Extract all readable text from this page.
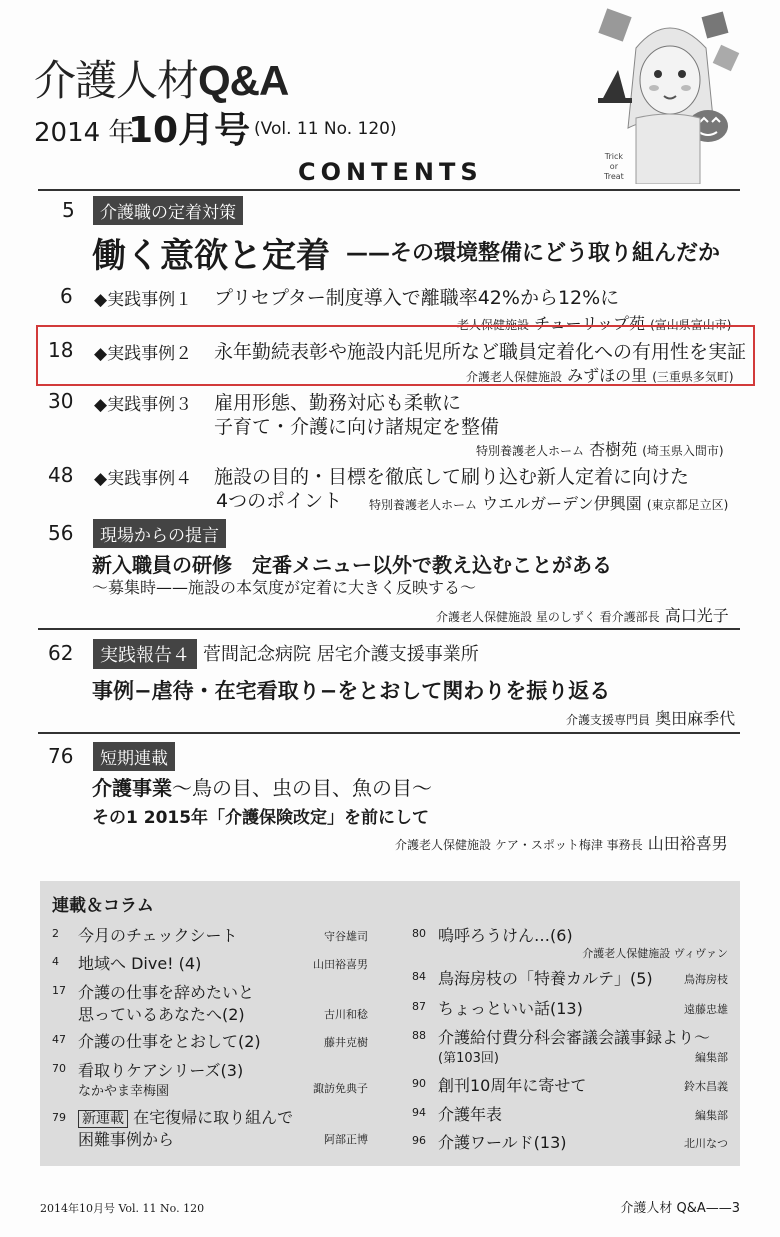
介護人材Q&A
2014 年
10月号 (Vol. 11 No. 120)
CONTENTS
Trick
or
Treat
5	介護職の定着対策
働く意欲と定着 ——その環境整備にどう取り組んだか
6 ◆実践事例１ プリセプター制度導入で離職率42%から12%に
老人保健施設 チューリップ苑 (富山県富山市)
18 ◆実践事例２ 永年勤続表彰や施設内託児所など職員定着化への有用性を実証
介護老人保健施設 みずほの里 (三重県多気町)
30 ◆実践事例３ 雇用形態、勤務対応も柔軟に
子育て・介護に向け諸規定を整備
特別養護老人ホーム 杏樹苑 (埼玉県入間市)
48 ◆実践事例４ 施設の目的・目標を徹底して刷り込む新人定着に向けた
4つのポイント 特別養護老人ホーム ウエルガーデン伊興園 (東京都足立区)
56	現場からの提言
新入職員の研修　定番メニュー以外で教え込むことがある
～募集時——施設の本気度が定着に大きく反映する～
介護老人保健施設 星のしずく 看介護部長 高口光子
62	実践報告４ 菅間記念病院 居宅介護支援事業所
事例−虐待・在宅看取り−をとおして関わりを振り返る
介護支援専門員 奥田麻季代
76	短期連載
介護事業～鳥の目、虫の目、魚の目～
その1 2015年「介護保険改定」を前にして
介護老人保健施設 ケア・スポット梅津 事務長 山田裕喜男
連載＆コラム
2 今月のチェックシート	守谷雄司
4 地域へ Dive! (4)	山田裕喜男
17 介護の仕事を辞めたいと
思っているあなたへ(2)	古川和稔
47 介護の仕事をとおして(2)	藤井克樹
70 看取りケアシリーズ(3)
なかやま幸梅園	諏訪免典子
79 新連載 在宅復帰に取り組んで
困難事例から	阿部正博
80 嗚呼ろうけん…(6)
介護老人保健施設 ヴィヴァン
84 鳥海房枝の「特養カルテ」(5)	鳥海房枝
87 ちょっといい話(13)	遠藤忠雄
88 介護給付費分科会審議会議事録より～
(第103回)	編集部
90 創刊10周年に寄せて	鈴木昌義
94 介護年表	編集部
96 介護ワールド(13)	北川なつ
2014年10月号 Vol. 11 No. 120	介護人材 Q&A——3
